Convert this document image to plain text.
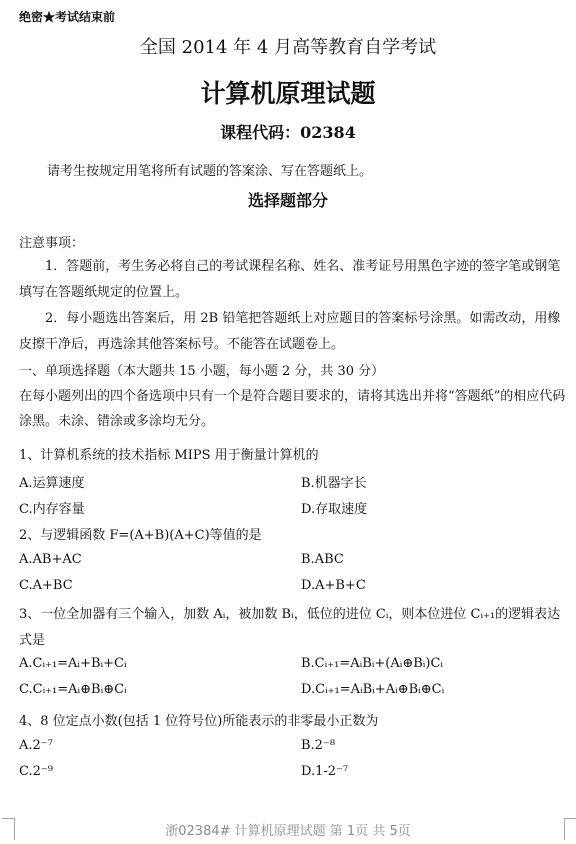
绝密★考试结束前
全国 2014 年 4 月高等教育自学考试
计算机原理试题
课程代码：02384
请考生按规定用笔将所有试题的答案涂、写在答题纸上。
选择题部分
注意事项：
1．答题前，考生务必将自己的考试课程名称、姓名、准考证号用黑色字迹的签字笔或钢笔填写在答题纸规定的位置上。
2．每小题选出答案后，用 2B 铅笔把答题纸上对应题目的答案标号涂黑。如需改动，用橡皮擦干净后，再选涂其他答案标号。不能答在试题卷上。
一、单项选择题（本大题共 15 小题，每小题 2 分，共 30 分）
在每小题列出的四个备选项中只有一个是符合题目要求的，请将其选出并将“答题纸”的相应代码涂黑。未涂、错涂或多涂均无分。
1、计算机系统的技术指标 MIPS 用于衡量计算机的
A.运算速度	B.机器字长
C.内存容量	D.存取速度
2、与逻辑函数 F=(A+B)(A+C)等值的是
A.AB+AC	B.ABC
C.A+BC	D.A+B+C
3、一位全加器有三个输入，加数 Aᵢ，被加数 Bᵢ，低位的进位 Cᵢ，则本位进位 Cᵢ₊₁的逻辑表达式是
A.Cᵢ₊₁=Aᵢ+Bᵢ+Cᵢ	B.Cᵢ₊₁=AᵢBᵢ+(Aᵢ⊕Bᵢ)Cᵢ
C.Cᵢ₊₁=Aᵢ⊕Bᵢ⊕Cᵢ	D.Cᵢ₊₁=AᵢBᵢ+Aᵢ⊕Bᵢ⊕Cᵢ
4、8 位定点小数(包括 1 位符号位)所能表示的非零最小正数为
A.2⁻⁷	B.2⁻⁸
C.2⁻⁹	D.1-2⁻⁷
浙02384# 计算机原理试题 第 1页 共 5页
